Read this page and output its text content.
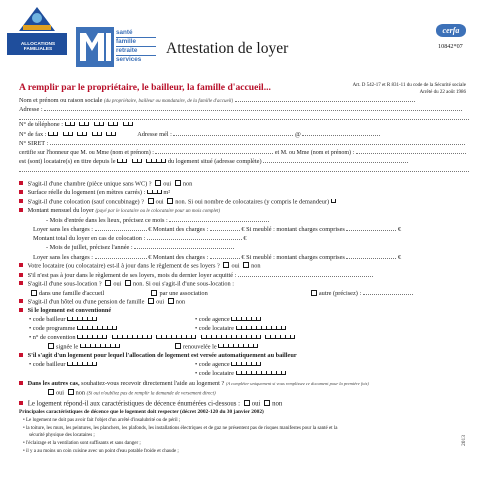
ALLOCATIONS FAMILIALES
santé
famille
retraite
services
Attestation de loyer
cerfa
10842*07
A remplir par le propriétaire, le bailleur, la famille d'accueil...	Art. D 542-17 et R 831-11 du code de la Sécurité sociale
Arrêté du 22 août 1986
Nom et prénom ou raison sociale (du propriétaire, bailleur ou mandataire, de la famille d'accueil)
Adresse :
N° de téléphone :
N° de fax :	Adresse mél :	@
N° SIRET :
certifie sur l'honneur que M. ou Mme (nom et prénom) :	et M. ou Mme (nom et prénom) :
est (sont) locataire(s) en titre depuis le	du logement situé (adresse complète)
S'agit-il d'une chambre (pièce unique sans WC) ? oui non
Surface réelle du logement (en mètres carrés) :	m²
S'agit-il d'une colocation (sauf concubinage) ? oui non. Si oui nombre de colocataires (y compris le demandeur)
Montant mensuel du loyer (payé par le locataire ou le colocataire pour un mois complet)
- Mois d'entrée dans les lieux, précisez ce mois :
Loyer sans les charges :	€ Montant des charges :	€ Si meublé : montant charges comprises	€
Montant total du loyer en cas de colocation :	€
- Mois de juillet, précisez l'année :
Loyer sans les charges :	€ Montant des charges :	€ Si meublé : montant charges comprises	€
Votre locataire (ou colocataire) est-il à jour dans le règlement de ses loyers ? oui non
S'il n'est pas à jour dans le règlement de ses loyers, mois du dernier loyer acquitté :
S'agit-il d'une sous-location ? oui non. Si oui s'agit-il d'une sous-location :
dans une famille d'accueil	par une association	autre (précisez) :
S'agit-il d'un hôtel ou d'une pension de famille oui non
Si le logement est conventionné
• code bailleur	• code agence
• code programme	• code locataire
• n° de convention
signée le	renouvelée le
S'il s'agit d'un logement pour lequel l'allocation de logement est versée automatiquement au bailleur
• code bailleur	• code agence
• code locataire
Dans les autres cas, souhaitez-vous recevoir directement l'aide au logement ? (A compléter uniquement si vous remplissez ce document pour la première fois)
oui non (Si oui n'oubliez pas de remplir la demande de versement direct)
Le logement répond-il aux caractéristiques de décence énumérées ci-dessous : oui non
Principales caractéristiques de décence que le logement doit respecter (décret 2002-120 du 30 janvier 2002)
• Le logement ne doit pas avoir fait l'objet d'un arrêté d'insalubrité ou de péril ;
• la toiture, les murs, les peintures, les planchers, les plafonds, les installations électriques et de gaz ne présentent pas de risques manifestes pour la santé et la
sécurité physique des locataires ;
• l'éclairage et la ventilation sont suffisants et sans danger ;
• il y a au moins un coin cuisine avec un point d'eau potable froide et chaude ;
2013
